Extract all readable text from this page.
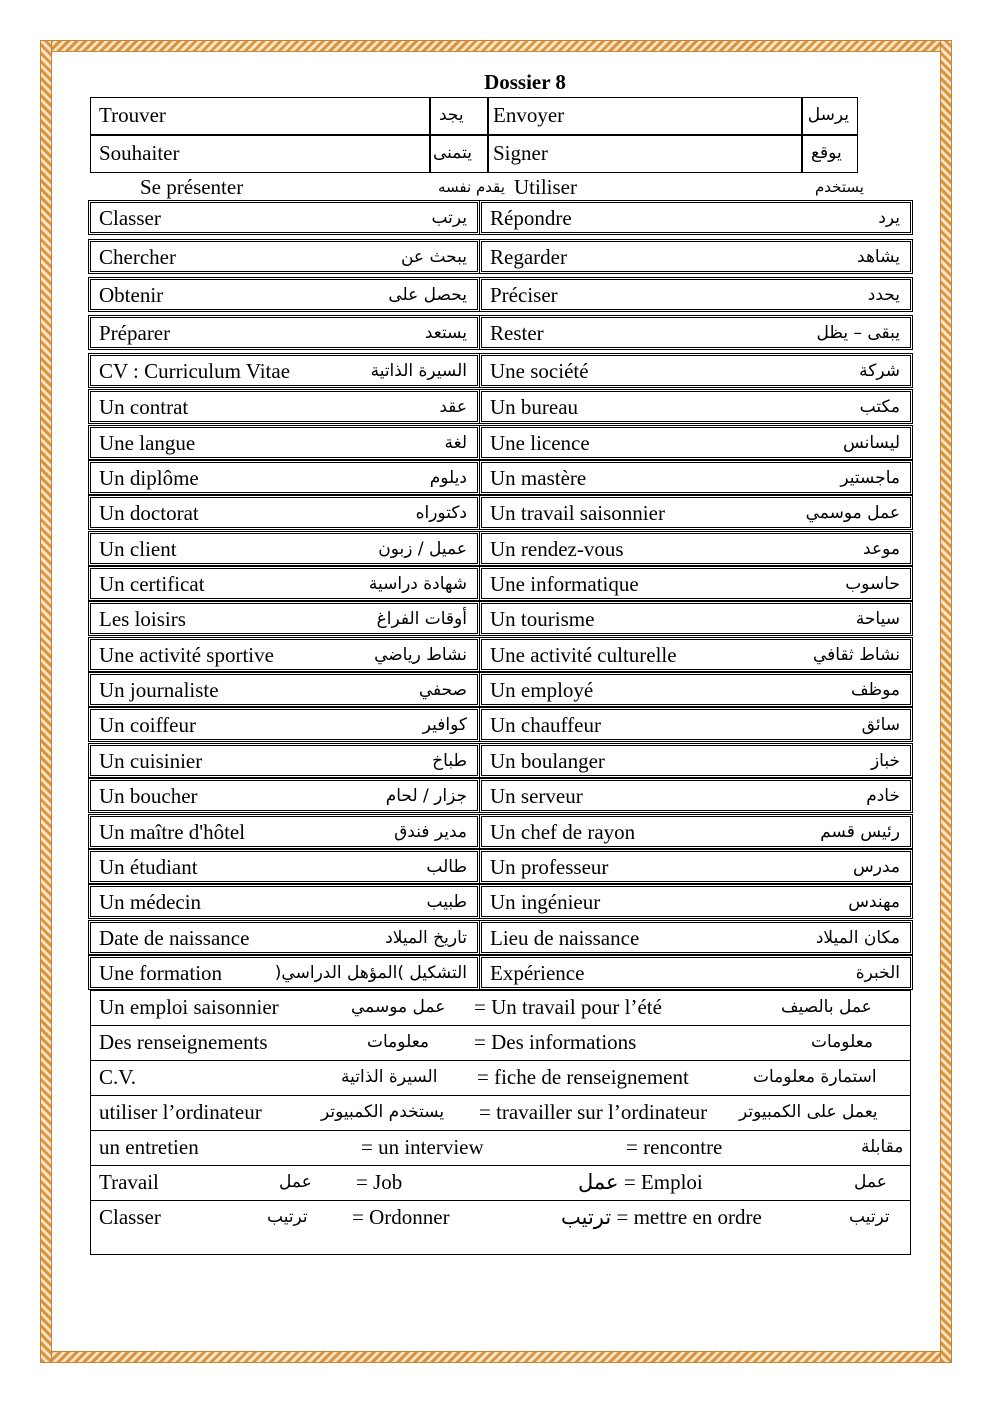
Dossier 8
Trouver	يجد	Envoyer	يرسل
Souhaiter	يتمنى	Signer	يوقع
Se présenter	يقدم نفسه Utiliser	يستخدم
Classer	يرتب Répondre	يرد
Chercher	يبحث عن Regarder	يشاهد
Obtenir	يحصل على Préciser	يحدد
Préparer	يستعد Rester	يبقى – يظل
CV : Curriculum Vitae	السيرة الذاتية Une société	شركة
Un contrat	عقد Un bureau	مكتب
Une langue	لغة Une licence	ليسانس
Un diplôme	ديلوم Un mastère	ماجستير
Un doctorat	دكتوراه Un travail saisonnier	عمل موسمي
Un client	عميل / زبون Un rendez-vous	موعد
Un certificat	شهادة دراسية Une informatique	حاسوب
Les loisirs	أوقات الفراغ Un tourisme	سياحة
Une activité sportive	نشاط رياضي Une activité culturelle	نشاط ثقافي
Un journaliste	صحفي Un employé	موظف
Un coiffeur	كوافير Un chauffeur	سائق
Un cuisinier	طباخ Un boulanger	خباز
Un boucher	جزار / لحام Un serveur	خادم
Un maître d'hôtel	مدير فندق Un chef de rayon	رئيس قسم
Un étudiant	طالب Un professeur	مدرس
Un médecin	طبيب Un ingénieur	مهندس
Date de naissance	تاريخ الميلاد Lieu de naissance	مكان الميلاد
Une formation	التشكيل )المؤهل الدراسي( Expérience	الخبرة
Un emploi saisonnier	عمل موسمي = Un travail pour l’été	عمل بالصيف
Des renseignements	معلومات = Des informations	معلومات
C.V.	السيرة الذاتية = fiche de renseignement	استمارة معلومات
utiliser l’ordinateur	يستخدم الكمبيوتر = travailler sur l’ordinateur يعمل على الكمبيوتر
un entretien	= un interview	= rencontre	مقابلة
Travail	عمل = Job	عمل = Emploi	عمل
Classer	ترتيب = Ordonner	ترتيب = mettre en ordre	ترتيب
